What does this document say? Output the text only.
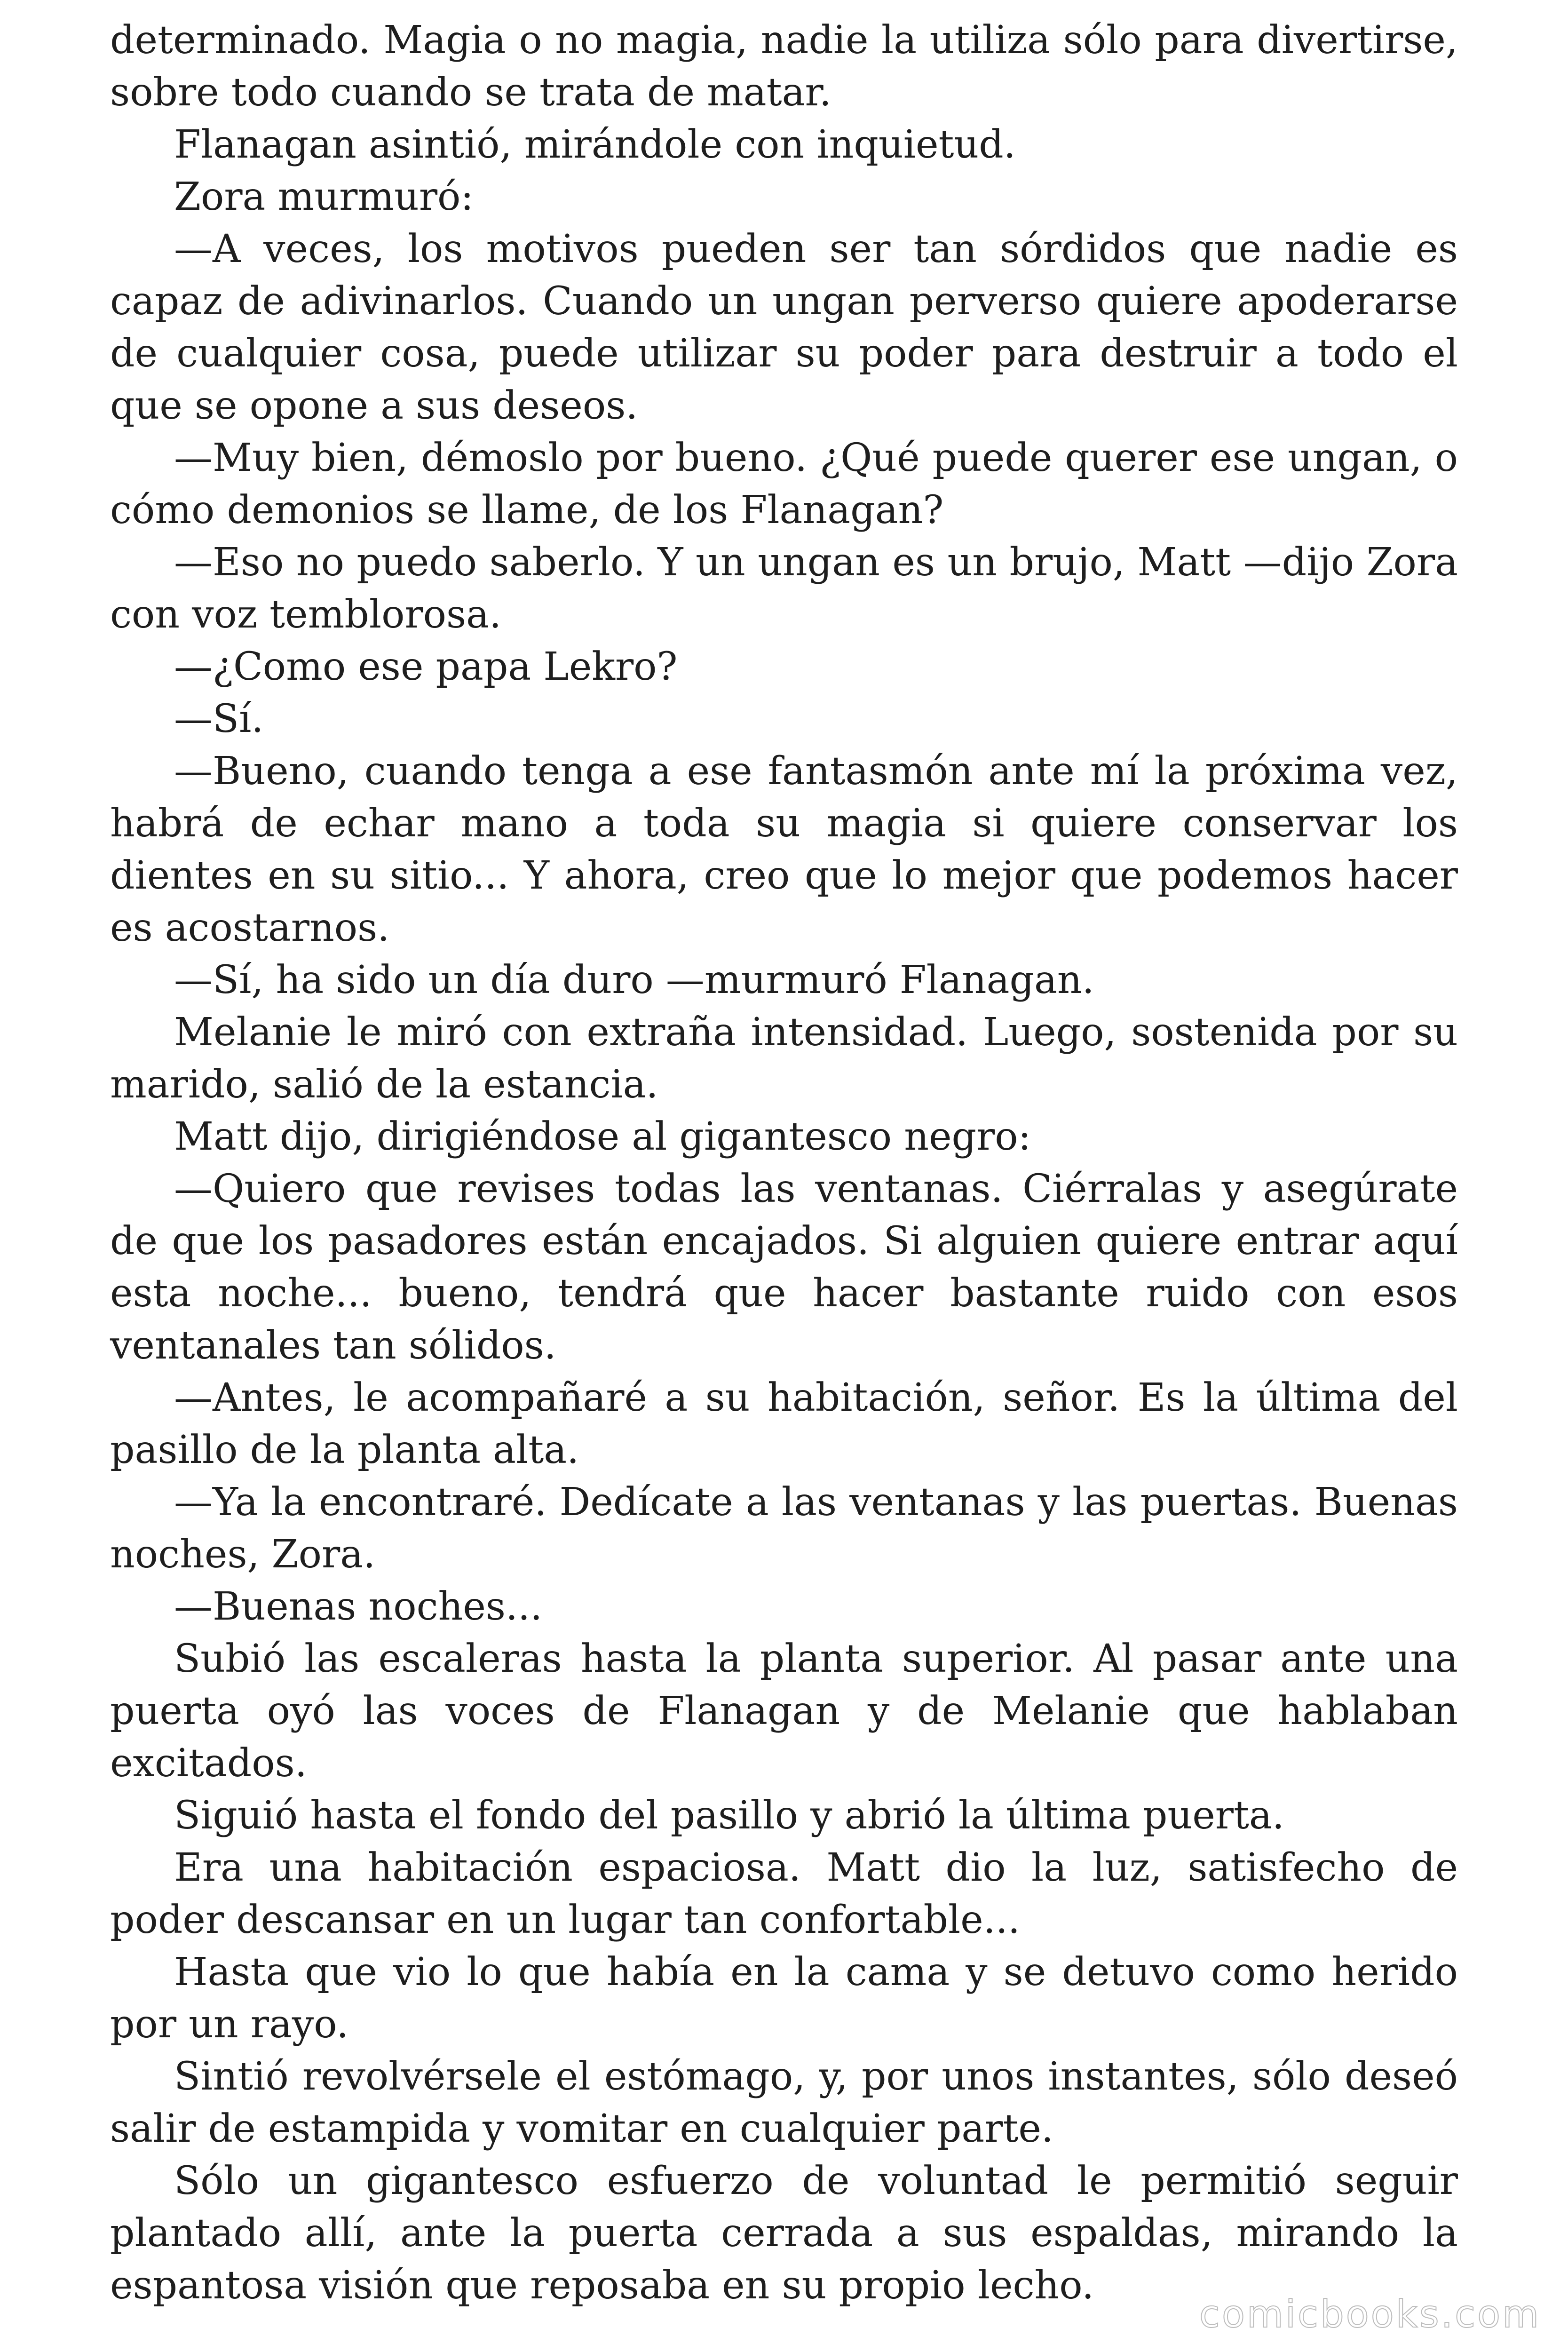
determinado. Magia o no magia, nadie la utiliza sólo para divertirse, sobre todo cuando se trata de matar.

Flanagan asintió, mirándole con inquietud.

Zora murmuró:

—A veces, los motivos pueden ser tan sórdidos que nadie es capaz de adivinarlos. Cuando un ungan perverso quiere apoderarse de cualquier cosa, puede utilizar su poder para destruir a todo el que se opone a sus deseos.

—Muy bien, démoslo por bueno. ¿Qué puede querer ese ungan, o cómo demonios se llame, de los Flanagan?

—Eso no puedo saberlo. Y un ungan es un brujo, Matt —dijo Zora con voz temblorosa.

—¿Como ese papa Lekro?

—Sí.

—Bueno, cuando tenga a ese fantasmón ante mí la próxima vez, habrá de echar mano a toda su magia si quiere conservar los dientes en su sitio... Y ahora, creo que lo mejor que podemos hacer es acostarnos.

—Sí, ha sido un día duro —murmuró Flanagan.

Melanie le miró con extraña intensidad. Luego, sostenida por su marido, salió de la estancia.

Matt dijo, dirigiéndose al gigantesco negro:

—Quiero que revises todas las ventanas. Ciérralas y asegúrate de que los pasadores están encajados. Si alguien quiere entrar aquí esta noche... bueno, tendrá que hacer bastante ruido con esos ventanales tan sólidos.

—Antes, le acompañaré a su habitación, señor. Es la última del pasillo de la planta alta.

—Ya la encontraré. Dedícate a las ventanas y las puertas. Buenas noches, Zora.

—Buenas noches...

Subió las escaleras hasta la planta superior. Al pasar ante una puerta oyó las voces de Flanagan y de Melanie que hablaban excitados.

Siguió hasta el fondo del pasillo y abrió la última puerta.

Era una habitación espaciosa. Matt dio la luz, satisfecho de poder descansar en un lugar tan confortable...

Hasta que vio lo que había en la cama y se detuvo como herido por un rayo.

Sintió revolvérsele el estómago, y, por unos instantes, sólo deseó salir de estampida y vomitar en cualquier parte.

Sólo un gigantesco esfuerzo de voluntad le permitió seguir plantado allí, ante la puerta cerrada a sus espaldas, mirando la espantosa visión que reposaba en su propio lecho.

comicbooks.com
